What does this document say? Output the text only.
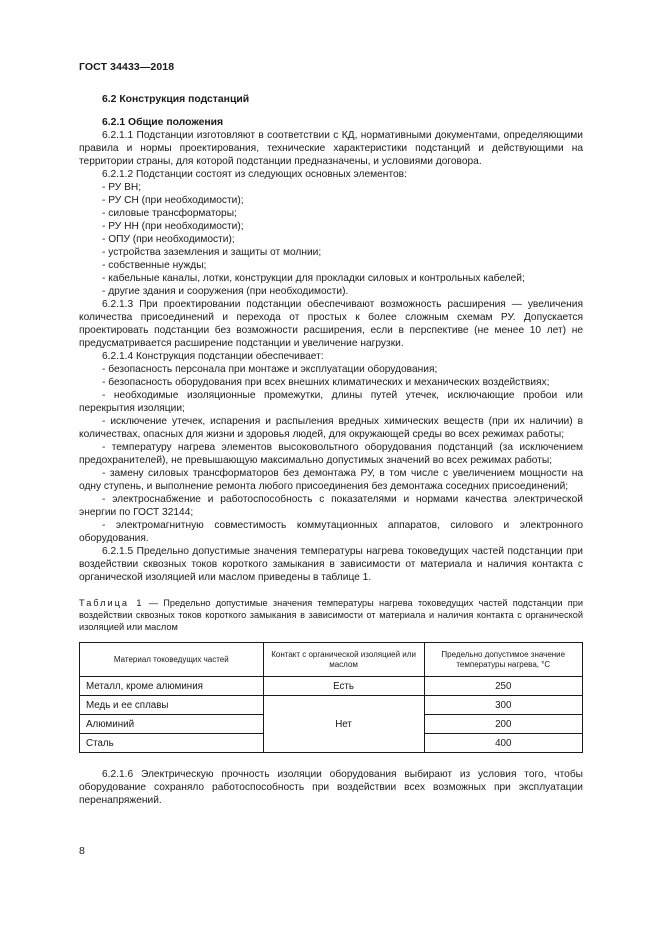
ГОСТ 34433—2018
6.2 Конструкция подстанций
6.2.1 Общие положения

6.2.1.1 Подстанции изготовляют в соответствии с КД, нормативными документами, определяющими правила и нормы проектирования, технические характеристики подстанций и действующими на территории страны, для которой подстанции предназначены, и условиями договора.

6.2.1.2 Подстанции состоят из следующих основных элементов:

- РУ ВН;

- РУ СН (при необходимости);

- силовые трансформаторы;

- РУ НН (при необходимости);

- ОПУ (при необходимости);

- устройства заземления и защиты от молнии;

- собственные нужды;

- кабельные каналы, лотки, конструкции для прокладки силовых и контрольных кабелей;

- другие здания и сооружения (при необходимости).

6.2.1.3 При проектировании подстанции обеспечивают возможность расширения — увеличения количества присоединений и перехода от простых к более сложным схемам РУ. Допускается проектировать подстанции без возможности расширения, если в перспективе (не менее 10 лет) не предусматривается расширение подстанции и увеличение нагрузки.

6.2.1.4 Конструкция подстанции обеспечивает:

- безопасность персонала при монтаже и эксплуатации оборудования;

- безопасность оборудования при всех внешних климатических и механических воздействиях;

- необходимые изоляционные промежутки, длины путей утечек, исключающие пробои или перекрытия изоляции;

- исключение утечек, испарения и распыления вредных химических веществ (при их наличии) в количествах, опасных для жизни и здоровья людей, для окружающей среды во всех режимах работы;

- температуру нагрева элементов высоковольтного оборудования подстанций (за исключением предохранителей), не превышающую максимально допустимых значений во всех режимах работы;

- замену силовых трансформаторов без демонтажа РУ, в том числе с увеличением мощности на одну ступень, и выполнение ремонта любого присоединения без демонтажа соседних присоединений;

- электроснабжение и работоспособность с показателями и нормами качества электрической энергии по ГОСТ 32144;

- электромагнитную совместимость коммутационных аппаратов, силового и электронного оборудования.

6.2.1.5 Предельно допустимые значения температуры нагрева токоведущих частей подстанции при воздействии сквозных токов короткого замыкания в зависимости от материала и наличия контакта с органической изоляцией или маслом приведены в таблице 1.

Таблица 1 — Предельно допустимые значения температуры нагрева токоведущих частей подстанции при воздействии сквозных токов короткого замыкания в зависимости от материала и наличия контакта с органической изоляцией или маслом

Материал токоведущих частей	Контакт с органической изоляцией или маслом	Предельно допустимое значение температуры нагрева, °С
Металл, кроме алюминия	Есть	250
Медь и ее сплавы	Нет	300
Алюминий		200
Сталь		400

6.2.1.6 Электрическую прочность изоляции оборудования выбирают из условия того, чтобы оборудование сохраняло работоспособность при воздействии всех возможных при эксплуатации перенапряжений.

8
